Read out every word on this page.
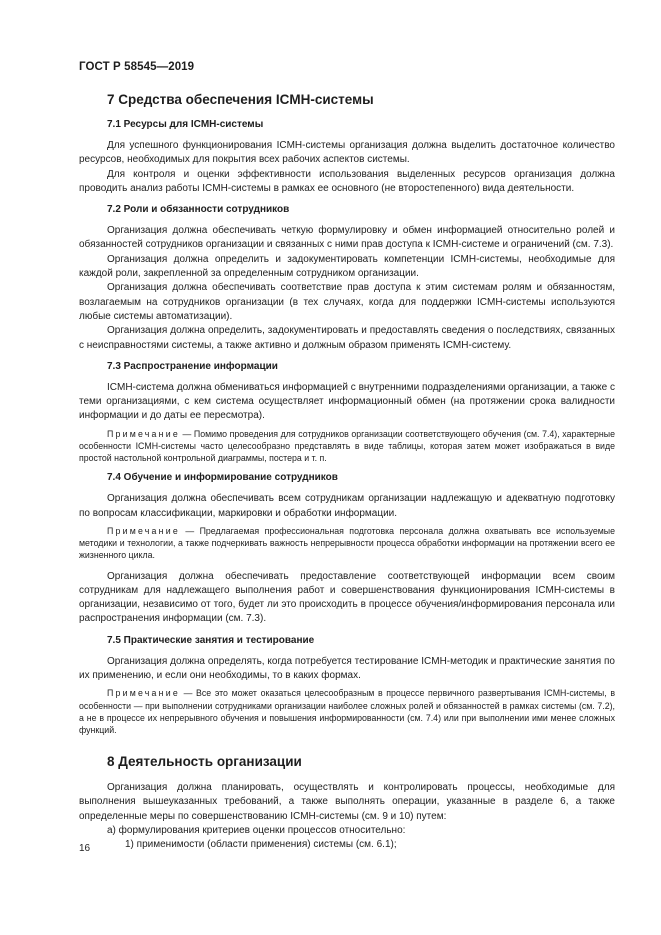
ГОСТ Р 58545—2019
7 Средства обеспечения ICMH-системы
7.1 Ресурсы для ICMH-системы

Для успешного функционирования ICMH-системы организация должна выделить достаточное количество ресурсов, необходимых для покрытия всех рабочих аспектов системы.

Для контроля и оценки эффективности использования выделенных ресурсов организация должна проводить анализ работы ICMH-системы в рамках ее основного (не второстепенного) вида деятельности.

7.2 Роли и обязанности сотрудников

Организация должна обеспечивать четкую формулировку и обмен информацией относительно ролей и обязанностей сотрудников организации и связанных с ними прав доступа к ICMH-системе и ограничений (см. 7.3).

Организация должна определить и задокументировать компетенции ICMH-системы, необходимые для каждой роли, закрепленной за определенным сотрудником организации.

Организация должна обеспечивать соответствие прав доступа к этим системам ролям и обязанностям, возлагаемым на сотрудников организации (в тех случаях, когда для поддержки ICMH-системы используются любые системы автоматизации).

Организация должна определить, задокументировать и предоставлять сведения о последствиях, связанных с неисправностями системы, а также активно и должным образом применять ICMH-систему.

7.3 Распространение информации

ICMH-система должна обмениваться информацией с внутренними подразделениями организации, а также с теми организациями, с кем система осуществляет информационный обмен (на протяжении срока валидности информации и до даты ее пересмотра).

Примечание — Помимо проведения для сотрудников организации соответствующего обучения (см. 7.4), характерные особенности ICMH-системы часто целесообразно представлять в виде таблицы, которая затем может изображаться в виде простой настольной контрольной диаграммы, постера и т. п.

7.4 Обучение и информирование сотрудников

Организация должна обеспечивать всем сотрудникам организации надлежащую и адекватную подготовку по вопросам классификации, маркировки и обработки информации.

Примечание — Предлагаемая профессиональная подготовка персонала должна охватывать все используемые методики и технологии, а также подчеркивать важность непрерывности процесса обработки информации на протяжении всего ее жизненного цикла.

Организация должна обеспечивать предоставление соответствующей информации всем своим сотрудникам для надлежащего выполнения работ и совершенствования функционирования ICMH-системы в организации, независимо от того, будет ли это происходить в процессе обучения/информирования персонала или распространения информации (см. 7.3).

7.5 Практические занятия и тестирование

Организация должна определять, когда потребуется тестирование ICMH-методик и практические занятия по их применению, и если они необходимы, то в каких формах.

Примечание — Все это может оказаться целесообразным в процессе первичного развертывания ICMH-системы, в особенности — при выполнении сотрудниками организации наиболее сложных ролей и обязанностей в рамках системы (см. 7.2), а не в процессе их непрерывного обучения и повышения информированности (см. 7.4) или при выполнении ими менее сложных функций.

8 Деятельность организации

Организация должна планировать, осуществлять и контролировать процессы, необходимые для выполнения вышеуказанных требований, а также выполнять операции, указанные в разделе 6, а также определенные меры по совершенствованию ICMH-системы (см. 9 и 10) путем:

а) формулирования критериев оценки процессов относительно:
1) применимости (области применения) системы (см. 6.1);
16
